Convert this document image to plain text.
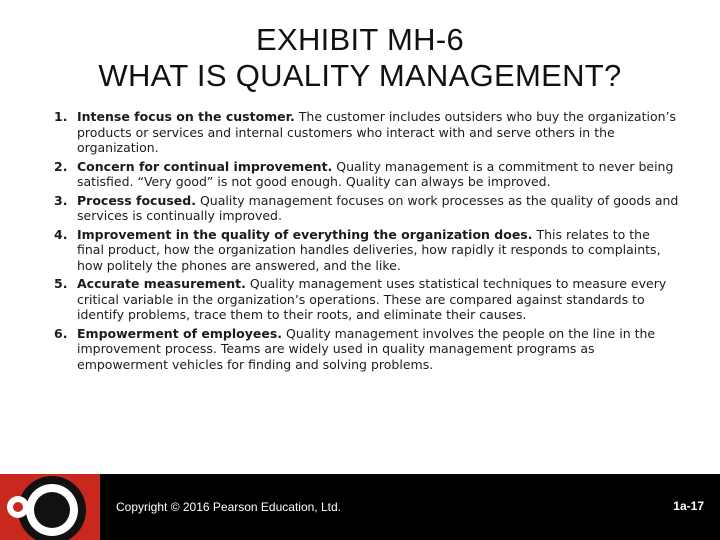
EXHIBIT MH-6
WHAT IS QUALITY MANAGEMENT?
1. Intense focus on the customer. The customer includes outsiders who buy the organization’s products or services and internal customers who interact with and serve others in the organization.
2. Concern for continual improvement. Quality management is a commitment to never being satisfied. “Very good” is not good enough. Quality can always be improved.
3. Process focused. Quality management focuses on work processes as the quality of goods and services is continually improved.
4. Improvement in the quality of everything the organization does. This relates to the final product, how the organization handles deliveries, how rapidly it responds to complaints, how politely the phones are answered, and the like.
5. Accurate measurement. Quality management uses statistical techniques to measure every critical variable in the organization’s operations. These are compared against standards to identify problems, trace them to their roots, and eliminate their causes.
6. Empowerment of employees. Quality management involves the people on the line in the improvement process. Teams are widely used in quality management programs as empowerment vehicles for finding and solving problems.
Copyright © 2016 Pearson Education, Ltd.	1a-17
